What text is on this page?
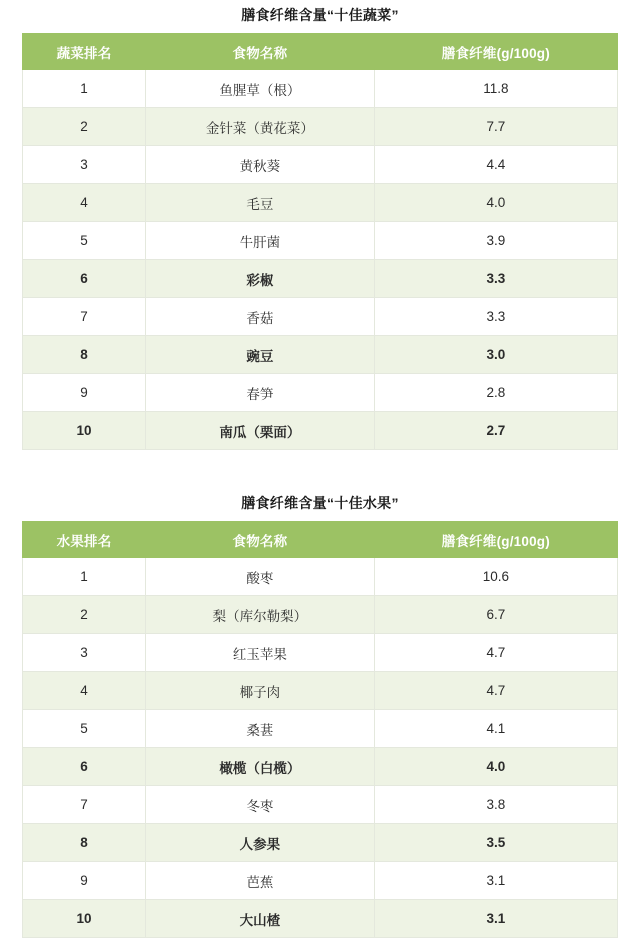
膳食纤维含量“十佳蔬菜”
蔬菜排名	食物名称	膳食纤维(g/100g)
1	鱼腥草（根）	11.8
2	金针菜（黄花菜）	7.7
3	黄秋葵	4.4
4	毛豆	4.0
5	牛肝菌	3.9
6	彩椒	3.3
7	香菇	3.3
8	豌豆	3.0
9	春笋	2.8
10	南瓜（栗面）	2.7
膳食纤维含量“十佳水果”
水果排名	食物名称	膳食纤维(g/100g)
1	酸枣	10.6
2	梨（库尔勒梨）	6.7
3	红玉苹果	4.7
4	椰子肉	4.7
5	桑葚	4.1
6	橄榄（白榄）	4.0
7	冬枣	3.8
8	人参果	3.5
9	芭蕉	3.1
10	大山楂	3.1
